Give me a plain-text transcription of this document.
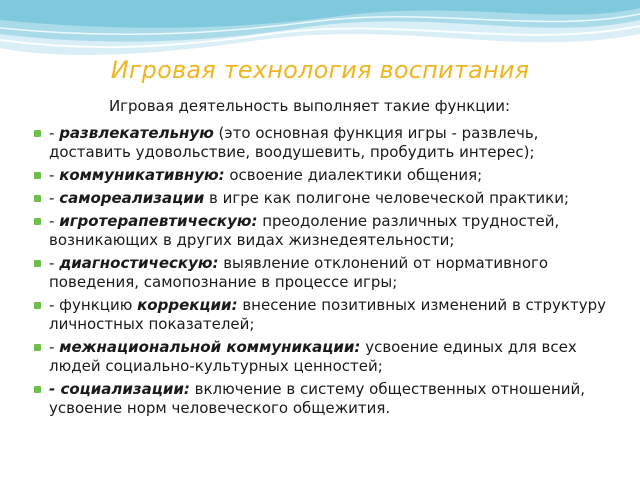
Игровая технология воспитания
Игровая деятельность выполняет такие функции:
- развлекательную (это основная функция игры - развлечь, доставить удовольствие, воодушевить, пробудить интерес);
- коммуникативную: освоение диалектики общения;
- самореализации в игре как полигоне человеческой практики;
- игротерапевтическую: преодоление различных трудностей, возникающих в других видах жизнедеятельности;
- диагностическую: выявление отклонений от нормативного поведения, самопознание в процессе игры;
- функцию коррекции: внесение позитивных изменений в структуру личностных показателей;
- межнациональной коммуникации: усвоение единых для всех людей социально-культурных ценностей;
- социализации: включение в систему общественных отношений, усвоение норм человеческого общежития.
